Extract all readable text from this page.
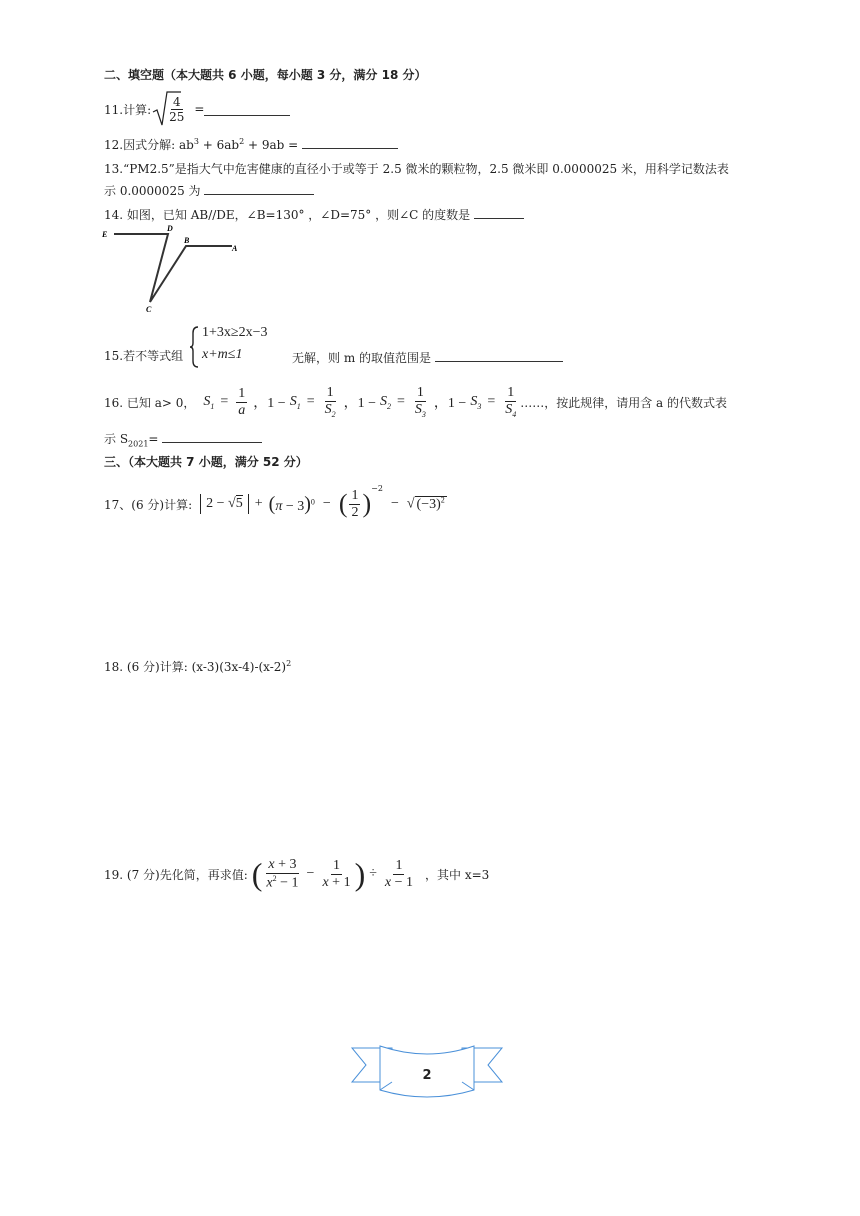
二、填空题（本大题共 6 小题，每小题 3 分，满分 18 分）
11.计算: $\frac{4}{25}$ =
12.因式分解: $ab^3 + 6ab^2 + 9ab$ =
13.“PM2.5”是指大气中危害健康的直径小于或等于 2.5 微米的颗粒物，2.5 微米即 0.0000025 米，用科学记数法表
示 0.0000025 为
14. 如图，已知 AB//DE，∠B=130° ，∠D=75° ，则∠C 的度数是
E
D
B
A
C
15.若不等式组
1+3x≥2x−3
x+m≤1	无解，则 m 的取值范围是
16. 已知 a> 0， $S_1 = \frac{1}{a}$ ，$1 - S_1 = \frac{1}{S_2}$ ，$1 - S_2 = \frac{1}{S_3}$ ，$1 - S_3 = \frac{1}{S_4}$ ……，按此规律，请用含 a 的代数式表
示 $S_{2021}=$
三、（本大题共 7 小题，满分 52 分）
17、(6 分)计算:	$2 - √5 + (\pi - 3)^0$ − ( $\frac{1}{2}$ )
$^{-2}$
− √ $(-3)^2$
18. (6 分)计算: $(x-3)(3x-4)-(x-2)^2$
19. (7 分)先化简，再求值: ( $\frac{x + 3}{x^2 - 1} - \frac{1}{x + 1}$ ) ÷ $\frac{1}{x - 1}$ ，其中 x=3
2
